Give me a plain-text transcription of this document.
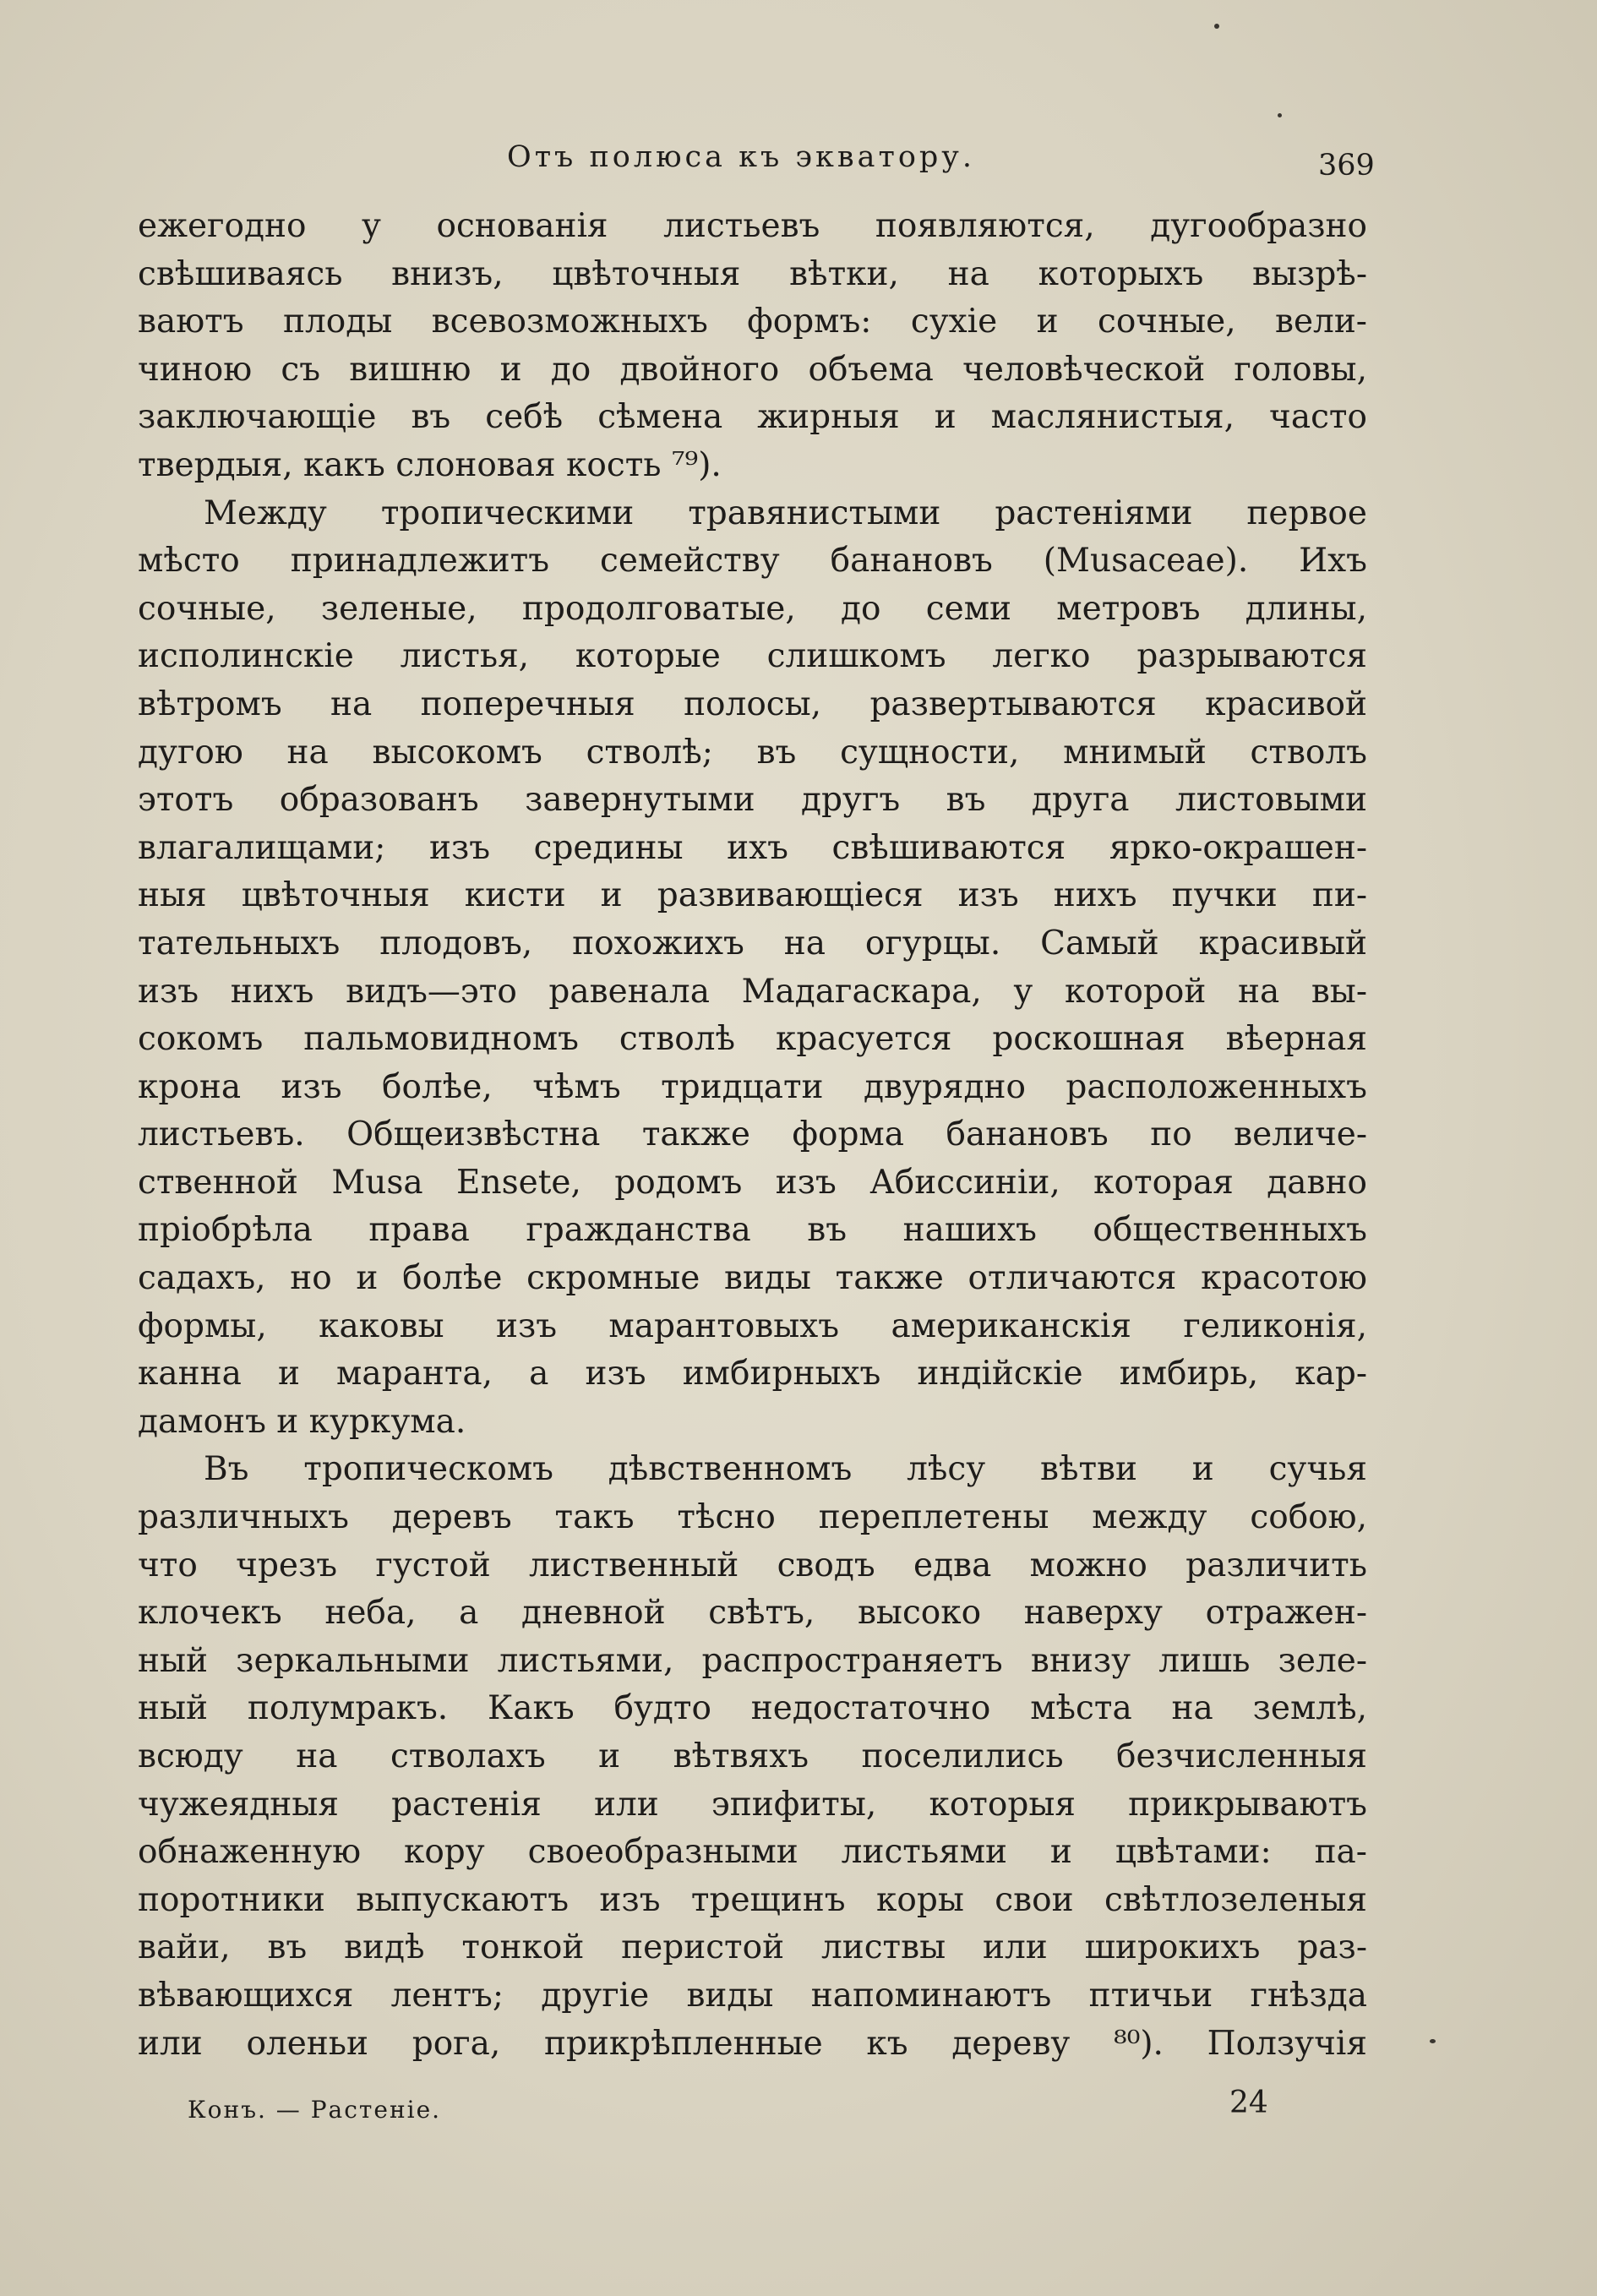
Отъ полюса къ экватору.	369
ежегодно у основанія листьевъ появляются, дугообразно
свѣшиваясь внизъ, цвѣточныя вѣтки, на которыхъ вызрѣ-
ваютъ плоды всевозможныхъ формъ: сухіе и сочные, вели-
чиною съ вишню и до двойного объема человѣческой головы,
заключающіе въ себѣ сѣмена жирныя и маслянистыя, часто
твердыя, какъ слоновая кость ⁷⁹).
Между тропическими травянистыми растеніями первое
мѣсто принадлежитъ семейству банановъ (Musaceae). Ихъ
сочные, зеленые, продолговатые, до семи метровъ длины,
исполинскіе листья, которые слишкомъ легко разрываются
вѣтромъ на поперечныя полосы, развертываются красивой
дугою на высокомъ стволѣ; въ сущности, мнимый стволъ
этотъ образованъ завернутыми другъ въ друга листовыми
влагалищами; изъ средины ихъ свѣшиваются ярко-окрашен-
ныя цвѣточныя кисти и развивающіеся изъ нихъ пучки пи-
тательныхъ плодовъ, похожихъ на огурцы. Самый красивый
изъ нихъ видъ—это равенала Мадагаскара, у которой на вы-
сокомъ пальмовидномъ стволѣ красуется роскошная вѣерная
крона изъ болѣе, чѣмъ тридцати двурядно расположенныхъ
листьевъ. Общеизвѣстна также форма банановъ по величе-
ственной Musa Ensete, родомъ изъ Абиссиніи, которая давно
пріобрѣла права гражданства въ нашихъ общественныхъ
садахъ, но и болѣе скромные виды также отличаются красотою
формы, каковы изъ марантовыхъ американскія геликонія,
канна и маранта, а изъ имбирныхъ индійскіе имбирь, кар-
дамонъ и куркума.
Въ тропическомъ дѣвственномъ лѣсу вѣтви и сучья
различныхъ деревъ такъ тѣсно переплетены между собою,
что чрезъ густой лиственный сводъ едва можно различить
клочекъ неба, а дневной свѣтъ, высоко наверху отражен-
ный зеркальными листьями, распространяетъ внизу лишь зеле-
ный полумракъ. Какъ будто недостаточно мѣста на землѣ,
всюду на стволахъ и вѣтвяхъ поселились безчисленныя
чужеядныя растенія или эпифиты, которыя прикрываютъ
обнаженную кору своеобразными листьями и цвѣтами: па-
поротники выпускаютъ изъ трещинъ коры свои свѣтлозеленыя
вайи, въ видѣ тонкой перистой листвы или широкихъ раз-
вѣвающихся лентъ; другіе виды напоминаютъ птичьи гнѣзда
или оленьи рога, прикрѣпленные къ дереву ⁸⁰). Ползучія
Конъ. — Растеніе.	24
